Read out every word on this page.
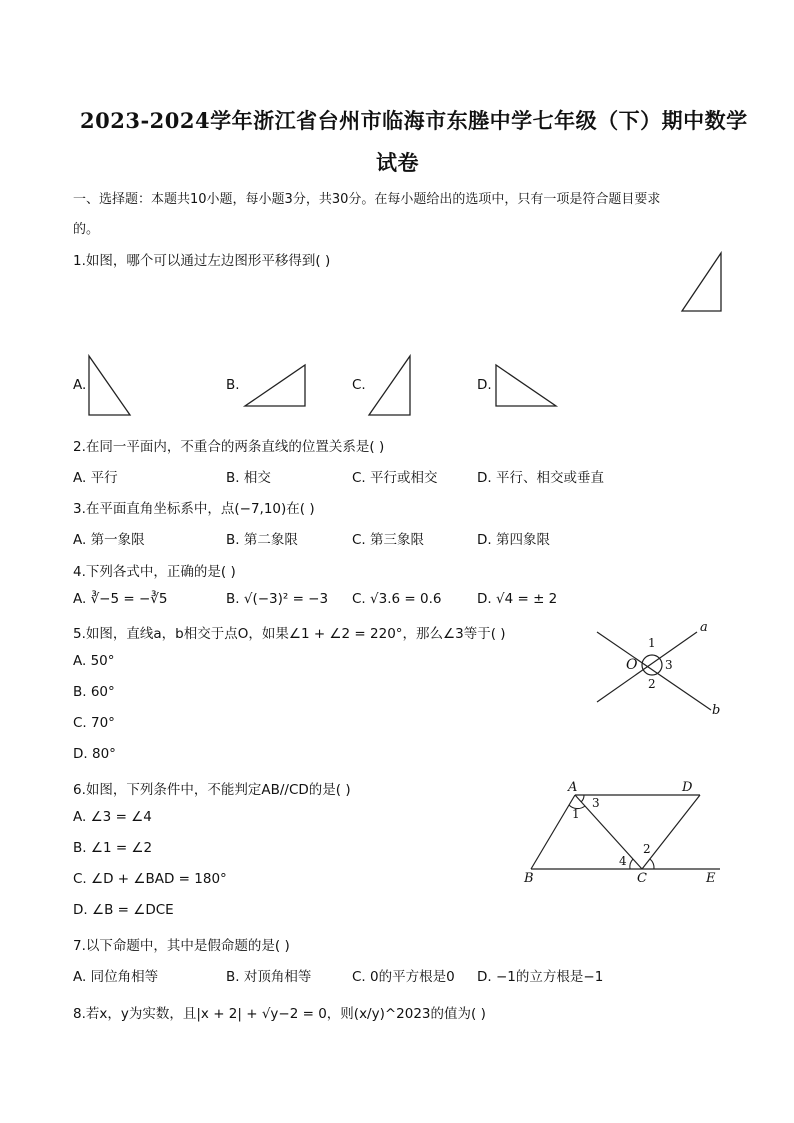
2023-2024学年浙江省台州市临海市东塍中学七年级（下）期中数学
试卷
一、选择题：本题共10小题，每小题3分，共30分。在每小题给出的选项中，只有一项是符合题目要求
的。
1.如图，哪个可以通过左边图形平移得到( )
A.	B.	C.	D.
2.在同一平面内，不重合的两条直线的位置关系是( )
A. 平行	B. 相交	C. 平行或相交	D. 平行、相交或垂直
3.在平面直角坐标系中，点(−7,10)在( )
A. 第一象限	B. 第二象限	C. 第三象限	D. 第四象限
4.下列各式中，正确的是( )
A. ∛−5 = −∛5	B. √(−3)² = −3 C. √3.6 = 0.6	D. √4 = ± 2
5.如图，直线a，b相交于点O，如果∠1 + ∠2 = 220°，那么∠3等于( )
A. 50°
B. 60°
C. 70°
D. 80°
a
b
O
1
2
3
6.如图，下列条件中，不能判定AB//CD的是( )
A. ∠3 = ∠4
B. ∠1 = ∠2
C. ∠D + ∠BAD = 180°
D. ∠B = ∠DCE
A	D
B	C	E
1
3
4
2
7.以下命题中，其中是假命题的是( )
A. 同位角相等	B. 对顶角相等	C. 0的平方根是0 D. −1的立方根是−1
8.若x，y为实数，且|x + 2| + √y−2 = 0，则(x/y)^2023的值为( )
